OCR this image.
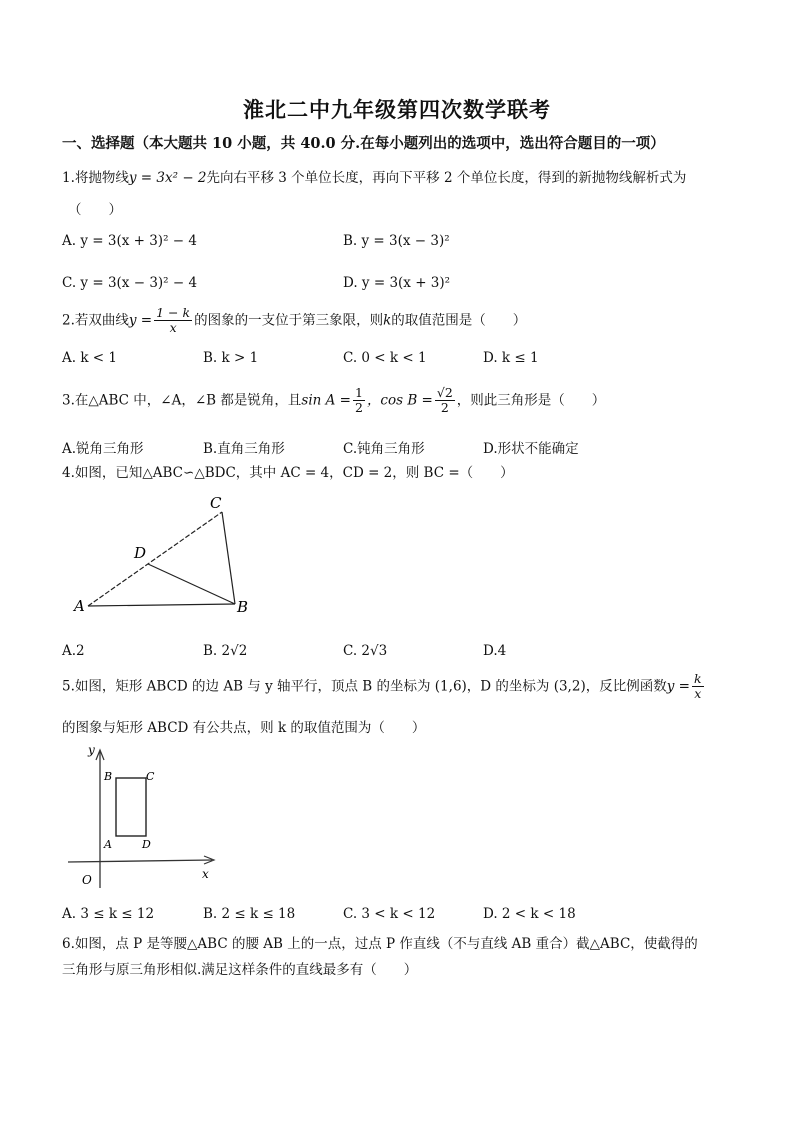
淮北二中九年级第四次数学联考
一、选择题（本大题共 10 小题，共 40.0 分.在每小题列出的选项中，选出符合题目的一项）
1.将抛物线y = 3x² − 2先向右平移 3 个单位长度，再向下平移 2 个单位长度，得到的新抛物线解析式为
（　　）
A. y = 3(x + 3)² − 4	B. y = 3(x − 3)²
C. y = 3(x − 3)² − 4	D. y = 3(x + 3)²
2.若双曲线$y = \frac{1 - k}{x}$ 的图象的一支位于第三象限，则k的取值范围是（　　）
A. k < 1	B. k > 1	C. 0 < k < 1	D. k ≤ 1
3.在△ABC 中，∠A，∠B 都是锐角，且$\sin A = \frac{1}{2}$ ，$\cos B = \frac{√2}{2}$ ，则此三角形是（　　）
A.锐角三角形	B.直角三角形	C.钝角三角形	D.形状不能确定
4.如图，已知△ABC∽△BDC，其中 AC = 4，CD = 2，则 BC =（　　）
A	B
C
D
A.2	B. 2√2	C. 2√3	D.4
5.如图，矩形 ABCD 的边 AB 与 y 轴平行，顶点 B 的坐标为 (1,6)，D 的坐标为 (3,2)，反比例函数$y = \frac{k}{x}$
的图象与矩形 ABCD 有公共点，则 k 的取值范围为（　　）
y
x
O
A
B	C
D
A. 3 ≤ k ≤ 12	B. 2 ≤ k ≤ 18	C. 3 < k < 12	D. 2 < k < 18
6.如图，点 P 是等腰△ABC 的腰 AB 上的一点，过点 P 作直线（不与直线 AB 重合）截△ABC，使截得的
三角形与原三角形相似.满足这样条件的直线最多有（　　）
